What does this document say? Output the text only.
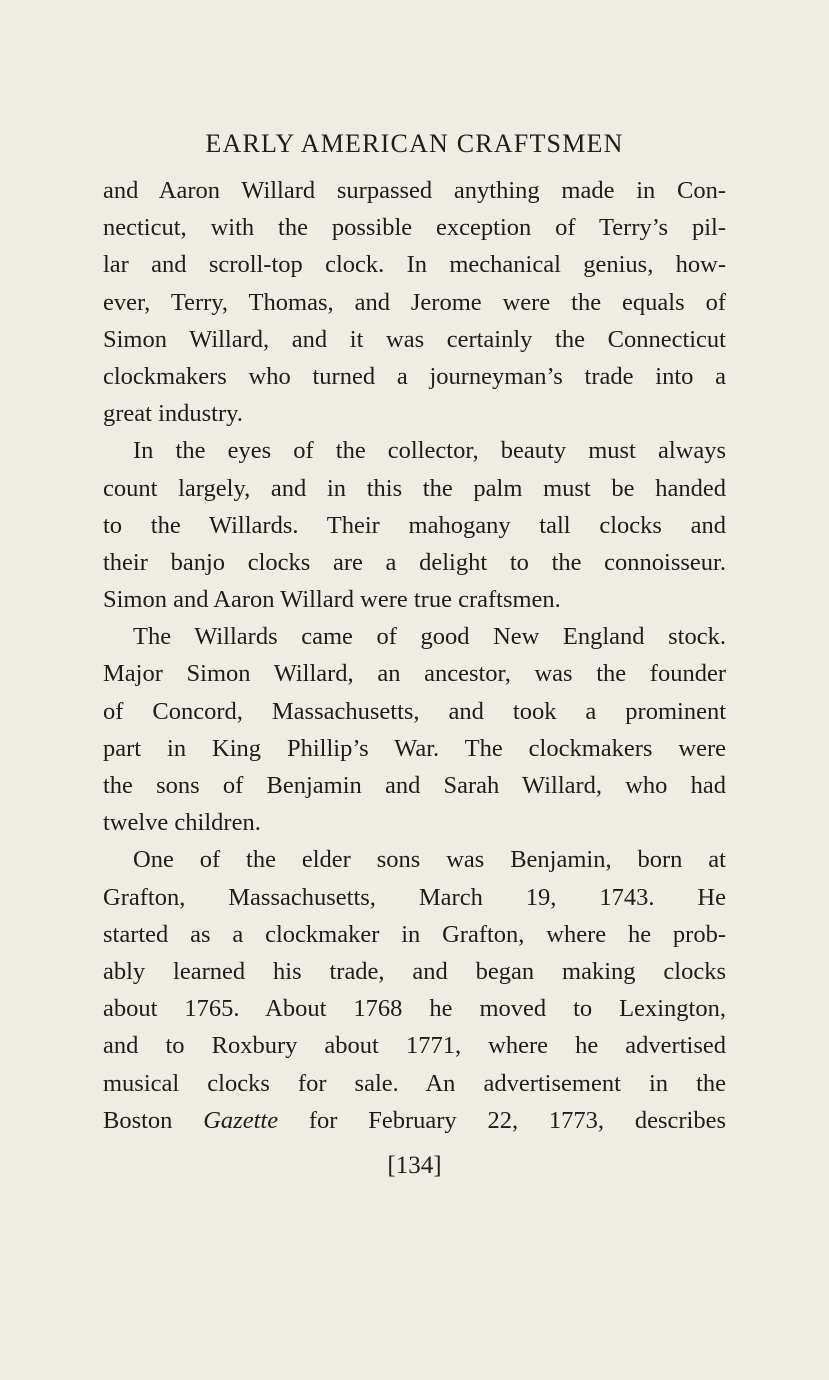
EARLY AMERICAN CRAFTSMEN
and Aaron Willard surpassed anything made in Con-
necticut, with the possible exception of Terry’s pil-
lar and scroll-top clock. In mechanical genius, how-
ever, Terry, Thomas, and Jerome were the equals of
Simon Willard, and it was certainly the Connecticut
clockmakers who turned a journeyman’s trade into a
great industry.
In the eyes of the collector, beauty must always
count largely, and in this the palm must be handed
to the Willards. Their mahogany tall clocks and
their banjo clocks are a delight to the connoisseur.
Simon and Aaron Willard were true craftsmen.
The Willards came of good New England stock.
Major Simon Willard, an ancestor, was the founder
of Concord, Massachusetts, and took a prominent
part in King Phillip’s War. The clockmakers were
the sons of Benjamin and Sarah Willard, who had
twelve children.
One of the elder sons was Benjamin, born at
Grafton, Massachusetts, March 19, 1743. He
started as a clockmaker in Grafton, where he prob-
ably learned his trade, and began making clocks
about 1765. About 1768 he moved to Lexington,
and to Roxbury about 1771, where he advertised
musical clocks for sale. An advertisement in the
Boston Gazette for February 22, 1773, describes
[134]
